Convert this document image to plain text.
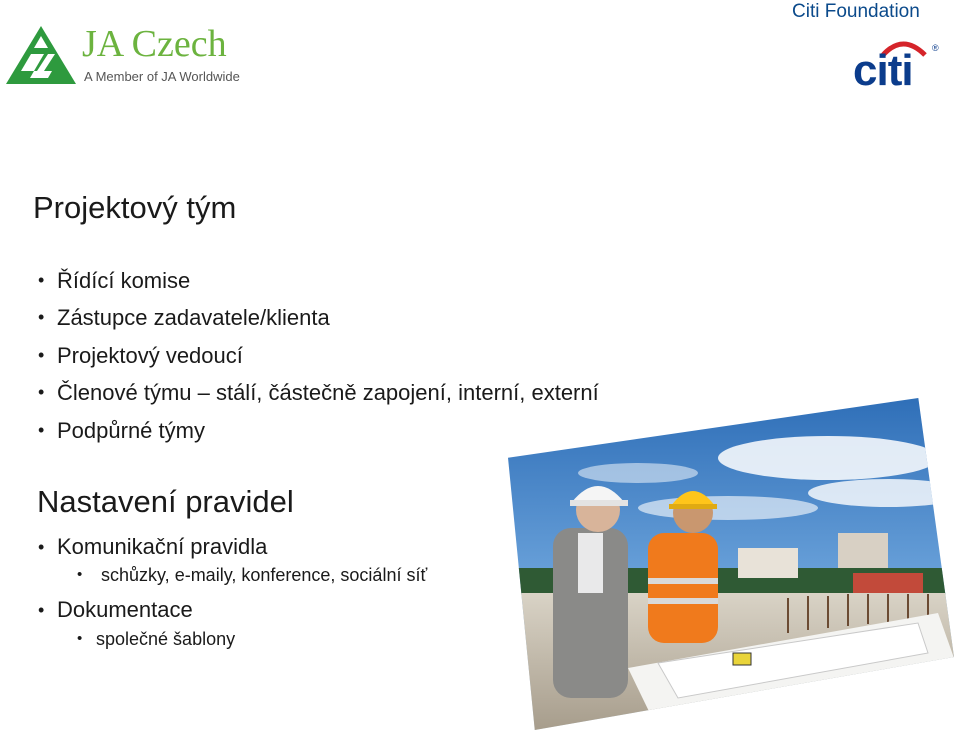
JA Czech
A Member of JA Worldwide
Citi Foundation
citi ®
Projektový tým
• Řídící komise
• Zástupce zadavatele/klienta
• Projektový vedoucí
• Členové týmu – stálí, částečně zapojení, interní, externí
• Podpůrné týmy
Nastavení pravidel
• Komunikační pravidla
• schůzky, e-maily, konference, sociální síť
• Dokumentace
• společné šablony
